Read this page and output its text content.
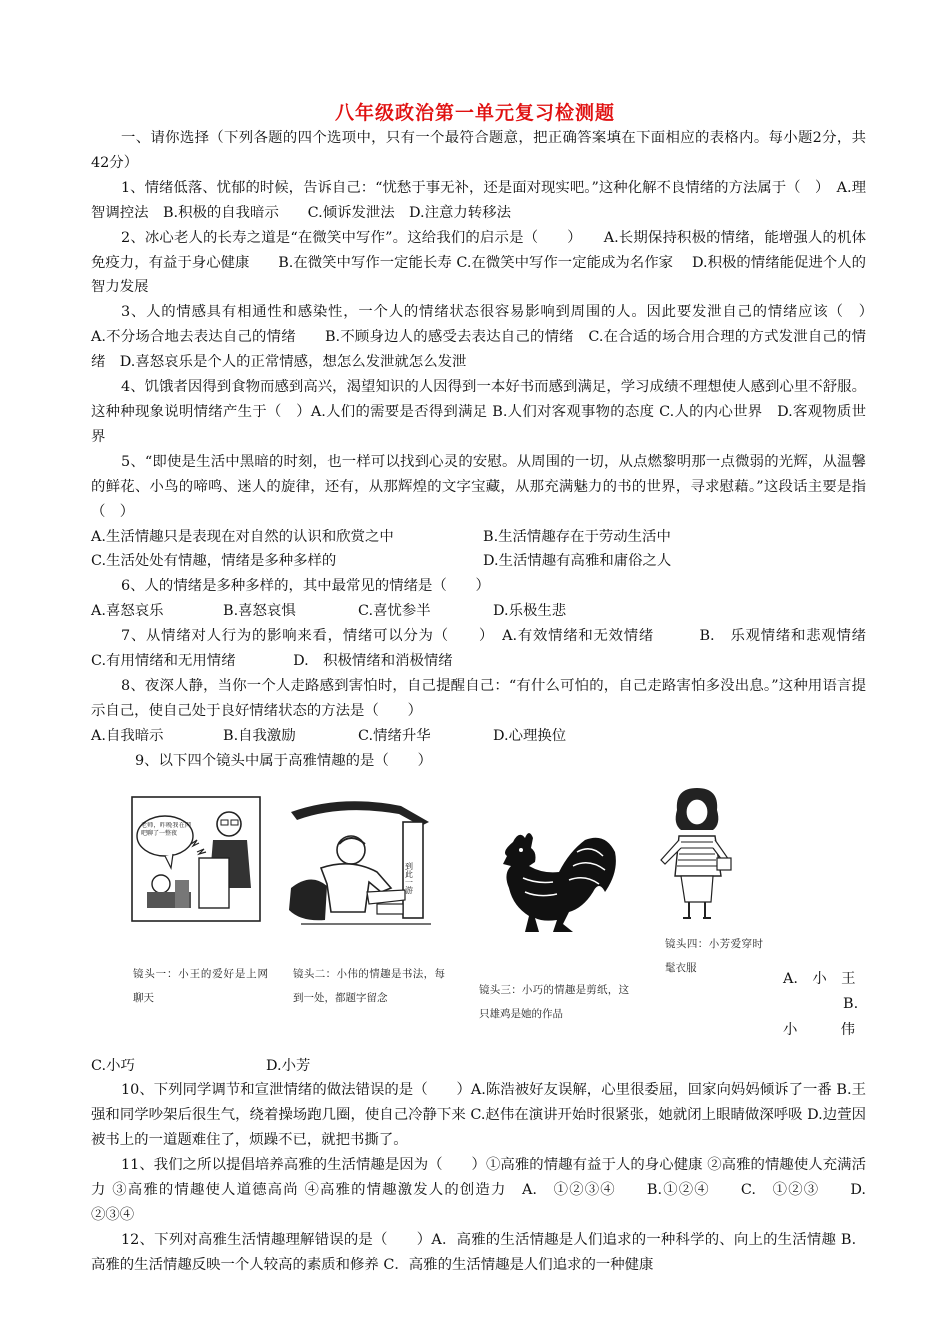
八年级政治第一单元复习检测题

一、请你选择（下列各题的四个选项中，只有一个最符合题意，把正确答案填在下面相应的表格内。每小题2分，共42分）

1、情绪低落、忧郁的时候，告诉自己：“忧愁于事无补，还是面对现实吧。”这种化解不良情绪的方法属于（　）　A.理智调控法　B.积极的自我暗示　　C.倾诉发泄法　D.注意力转移法

2、冰心老人的长寿之道是“在微笑中写作”。这给我们的启示是（　　）　　A.长期保持积极的情绪，能增强人的机体免疫力，有益于身心健康　　B.在微笑中写作一定能长寿 C.在微笑中写作一定能成为名作家　 D.积极的情绪能促进个人的智力发展

3、人的情感具有相通性和感染性，一个人的情绪状态很容易影响到周围的人。因此要发泄自己的情绪应该（　）　　A.不分场合地去表达自己的情绪　　B.不顾身边人的感受去表达自己的情绪　C.在合适的场合用合理的方式发泄自己的情绪　D.喜怒哀乐是个人的正常情感，想怎么发泄就怎么发泄

4、饥饿者因得到食物而感到高兴，渴望知识的人因得到一本好书而感到满足，学习成绩不理想使人感到心里不舒服。这种种现象说明情绪产生于（　）A.人们的需要是否得到满足 B.人们对客观事物的态度 C.人的内心世界　D.客观物质世界

5、“即使是生活中黑暗的时刻，也一样可以找到心灵的安慰。从周围的一切，从点燃黎明那一点微弱的光辉，从温馨的鲜花、小鸟的啼鸣、迷人的旋律，还有，从那辉煌的文字宝藏，从那充满魅力的书的世界，寻求慰藉。”这段话主要是指（　）

A.生活情趣只是表现在对自然的认识和欣赏之中	B.生活情趣存在于劳动生活中
C.生活处处有情趣，情绪是多种多样的	D.生活情趣有高雅和庸俗之人

6、人的情绪是多种多样的，其中最常见的情绪是（　　）

A.喜怒哀乐	B.喜怒哀惧	C.喜忧参半	D.乐极生悲

7、从情绪对人行为的影响来看，情绪可以分为（　　）　A.有效情绪和无效情绪　　　B.　乐观情绪和悲观情绪　　C.有用情绪和无用情绪　　　　D.　积极情绪和消极情绪

8、夜深人静，当你一个人走路感到害怕时，自己提醒自己：“有什么可怕的，自己走路害怕多没出息。”这种用语言提示自己，使自己处于良好情绪状态的方法是（　　）

A.自我暗示	B.自我激励	C.情绪升华	D.心理换位

9、以下四个镜头中属于高雅情趣的是（　　）

老师，昨晚我在网吧聊了一整夜
到此一游
镜头一：小王的爱好是上网聊天
镜头二：小伟的情趣是书法，每到一处，都题字留念
镜头三：小巧的情趣是剪纸，这只雄鸡是她的作品
镜头四：小芳爱穿时髦衣服
A.　小　王
B.
小　　　伟
C.小巧	D.小芳

10、下列同学调节和宣泄情绪的做法错误的是（　　）A.陈浩被好友误解，心里很委屈，回家向妈妈倾诉了一番 B.王强和同学吵架后很生气，绕着操场跑几圈，使自己冷静下来 C.赵伟在演讲开始时很紧张，她就闭上眼睛做深呼吸 D.边萱因被书上的一道题难住了，烦躁不已，就把书撕了。

11、我们之所以提倡培养高雅的生活情趣是因为（　　）①高雅的情趣有益于人的身心健康 ②高雅的情趣使人充满活力 ③高雅的情趣使人道德高尚 ④高雅的情趣激发人的创造力　A.　①②③④　　B.①②④　　C.　①②③　　D.　②③④

12、下列对高雅生活情趣理解错误的是（　　）A．高雅的生活情趣是人们追求的一种科学的、向上的生活情趣 B．高雅的生活情趣反映一个人较高的素质和修养 C．高雅的生活情趣是人们追求的一种健康
